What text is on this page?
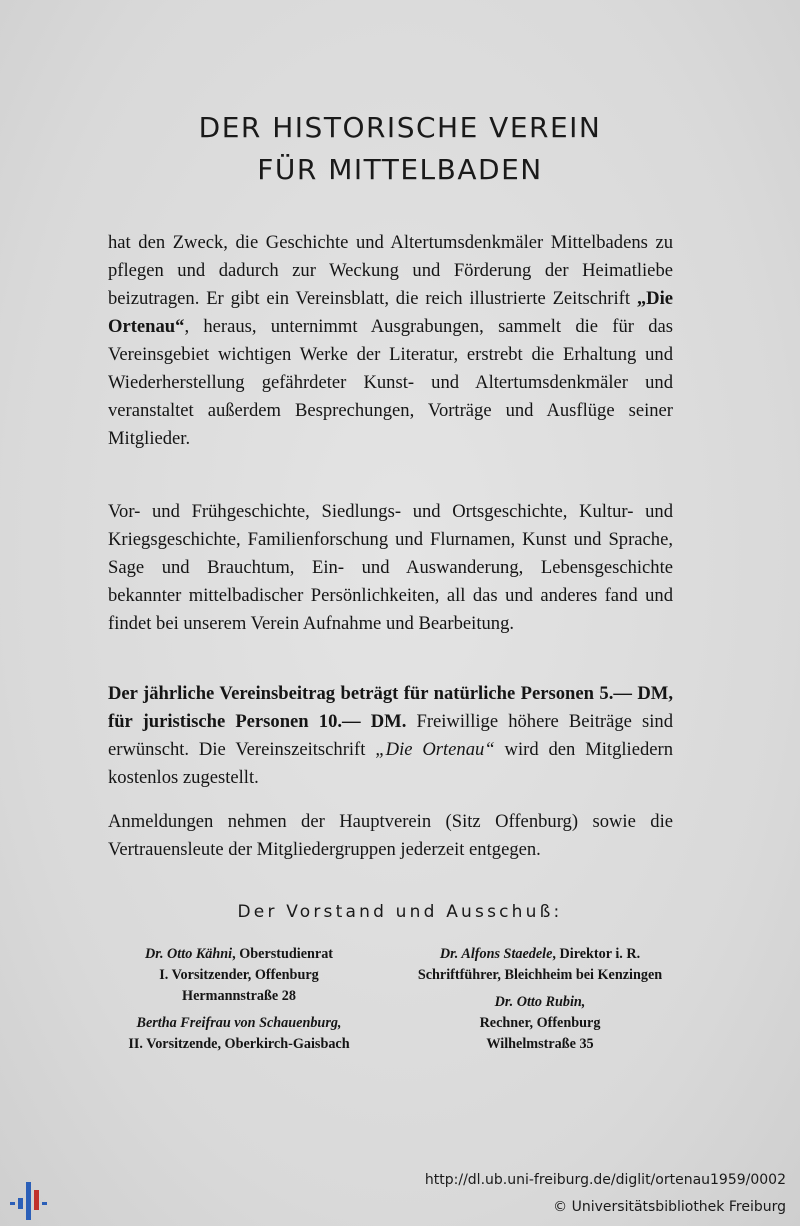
DER HISTORISCHE VEREIN
FÜR MITTELBADEN

hat den Zweck, die Geschichte und Altertumsdenkmäler Mittelbadens zu pflegen und dadurch zur Weckung und Förderung der Heimatliebe beizutragen. Er gibt ein Vereinsblatt, die reich illustrierte Zeitschrift „Die Ortenau“, heraus, unternimmt Ausgrabungen, sammelt die für das Vereinsgebiet wichtigen Werke der Literatur, erstrebt die Erhaltung und Wiederherstellung gefährdeter Kunst- und Altertumsdenkmäler und veranstaltet außerdem Besprechungen, Vorträge und Ausflüge seiner Mitglieder.

Vor- und Frühgeschichte, Siedlungs- und Ortsgeschichte, Kultur- und Kriegsgeschichte, Familienforschung und Flurnamen, Kunst und Sprache, Sage und Brauchtum, Ein- und Auswanderung, Lebensgeschichte bekannter mittelbadischer Persönlichkeiten, all das und anderes fand und findet bei unserem Verein Aufnahme und Bearbeitung.

Der jährliche Vereinsbeitrag beträgt für natürliche Personen 5.— DM, für juristische Personen 10.— DM. Freiwillige höhere Beiträge sind erwünscht. Die Vereinszeitschrift „Die Ortenau“ wird den Mitgliedern kostenlos zugestellt.

Anmeldungen nehmen der Hauptverein (Sitz Offenburg) sowie die Vertrauensleute der Mitgliedergruppen jederzeit entgegen.

Der Vorstand und Ausschuß:
Dr. Otto Kähni, Oberstudienrat
I. Vorsitzender, Offenburg
Hermannstraße 28
Bertha Freifrau von Schauenburg,
II. Vorsitzende, Oberkirch-Gaisbach
Dr. Alfons Staedele, Direktor i. R.
Schriftführer, Bleichheim bei Kenzingen
Dr. Otto Rubin,
Rechner, Offenburg
Wilhelmstraße 35
http://dl.ub.uni-freiburg.de/diglit/ortenau1959/0002
© Universitätsbibliothek Freiburg
